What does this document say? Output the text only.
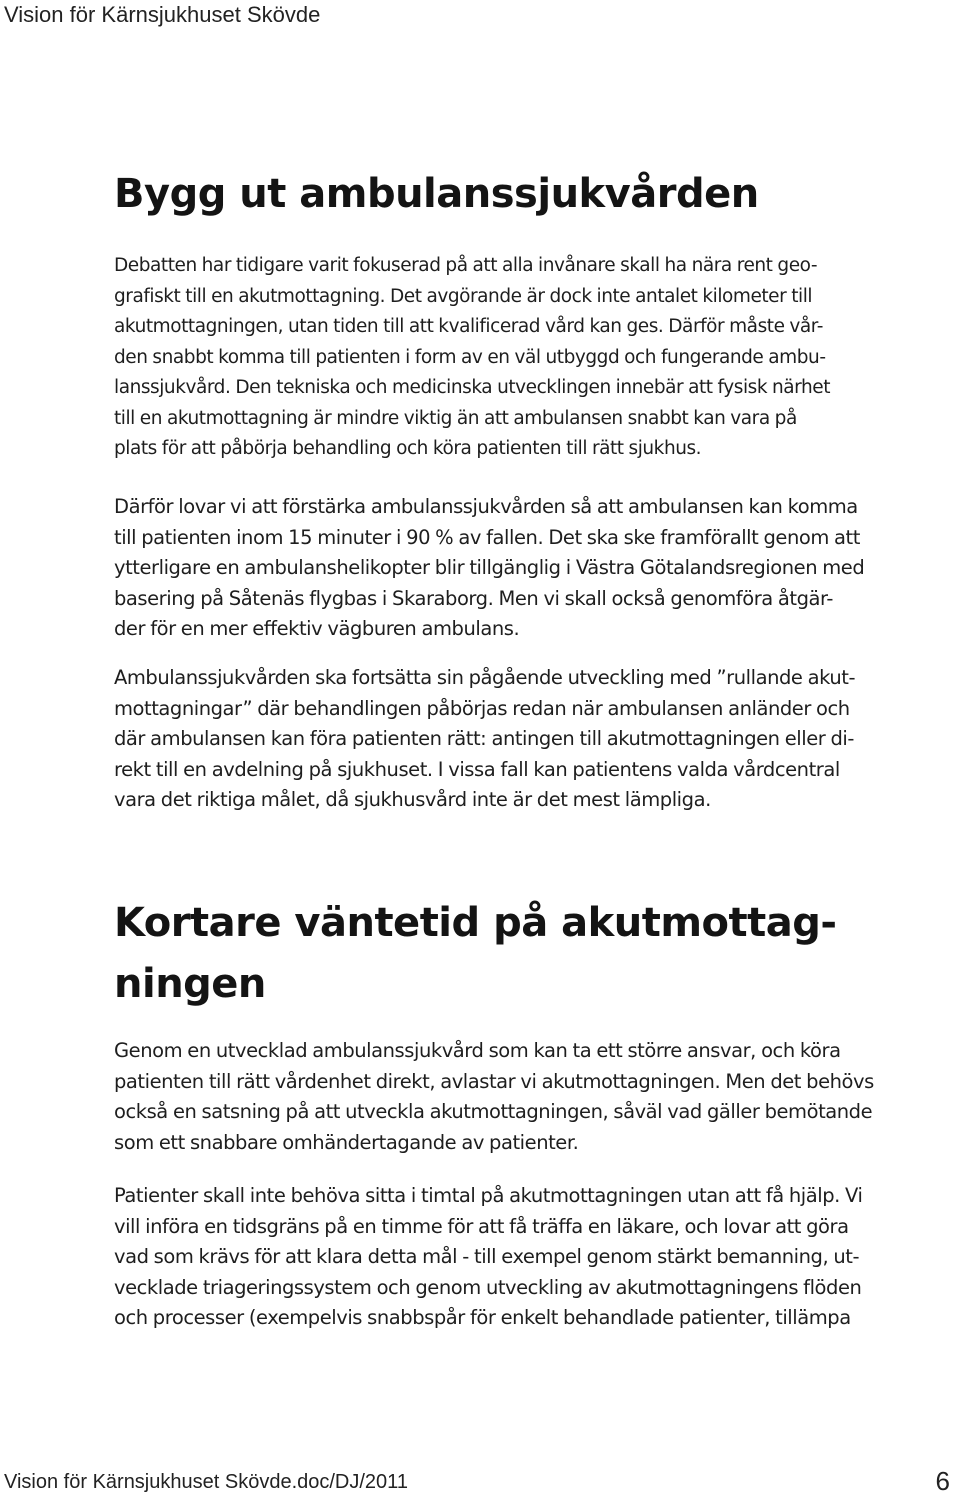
Vision för Kärnsjukhuset Skövde
Bygg ut ambulanssjukvården

Debatten har tidigare varit fokuserad på att alla invånare skall ha nära rent geo-
grafiskt till en akutmottagning. Det avgörande är dock inte antalet kilometer till
akutmottagningen, utan tiden till att kvalificerad vård kan ges. Därför måste vår-
den snabbt komma till patienten i form av en väl utbyggd och fungerande ambu-
lanssjukvård. Den tekniska och medicinska utvecklingen innebär att fysisk närhet
till en akutmottagning är mindre viktig än att ambulansen snabbt kan vara på
plats för att påbörja behandling och köra patienten till rätt sjukhus.

Därför lovar vi att förstärka ambulanssjukvården så att ambulansen kan komma
till patienten inom 15 minuter i 90 % av fallen. Det ska ske framförallt genom att
ytterligare en ambulanshelikopter blir tillgänglig i Västra Götalandsregionen med
basering på Såtenäs flygbas i Skaraborg. Men vi skall också genomföra åtgär-
der för en mer effektiv vägburen ambulans.

Ambulanssjukvården ska fortsätta sin pågående utveckling med ”rullande akut-
mottagningar” där behandlingen påbörjas redan när ambulansen anländer och
där ambulansen kan föra patienten rätt: antingen till akutmottagningen eller di-
rekt till en avdelning på sjukhuset. I vissa fall kan patientens valda vårdcentral
vara det riktiga målet, då sjukhusvård inte är det mest lämpliga.

Kortare väntetid på akutmottag-
ningen

Genom en utvecklad ambulanssjukvård som kan ta ett större ansvar, och köra
patienten till rätt vårdenhet direkt, avlastar vi akutmottagningen. Men det behövs
också en satsning på att utveckla akutmottagningen, såväl vad gäller bemötande
som ett snabbare omhändertagande av patienter.

Patienter skall inte behöva sitta i timtal på akutmottagningen utan att få hjälp. Vi
vill införa en tidsgräns på en timme för att få träffa en läkare, och lovar att göra
vad som krävs för att klara detta mål - till exempel genom stärkt bemanning, ut-
vecklade triageringssystem och genom utveckling av akutmottagningens flöden
och processer (exempelvis snabbspår för enkelt behandlade patienter, tillämpa

Vision för Kärnsjukhuset Skövde.doc/DJ/2011	6
